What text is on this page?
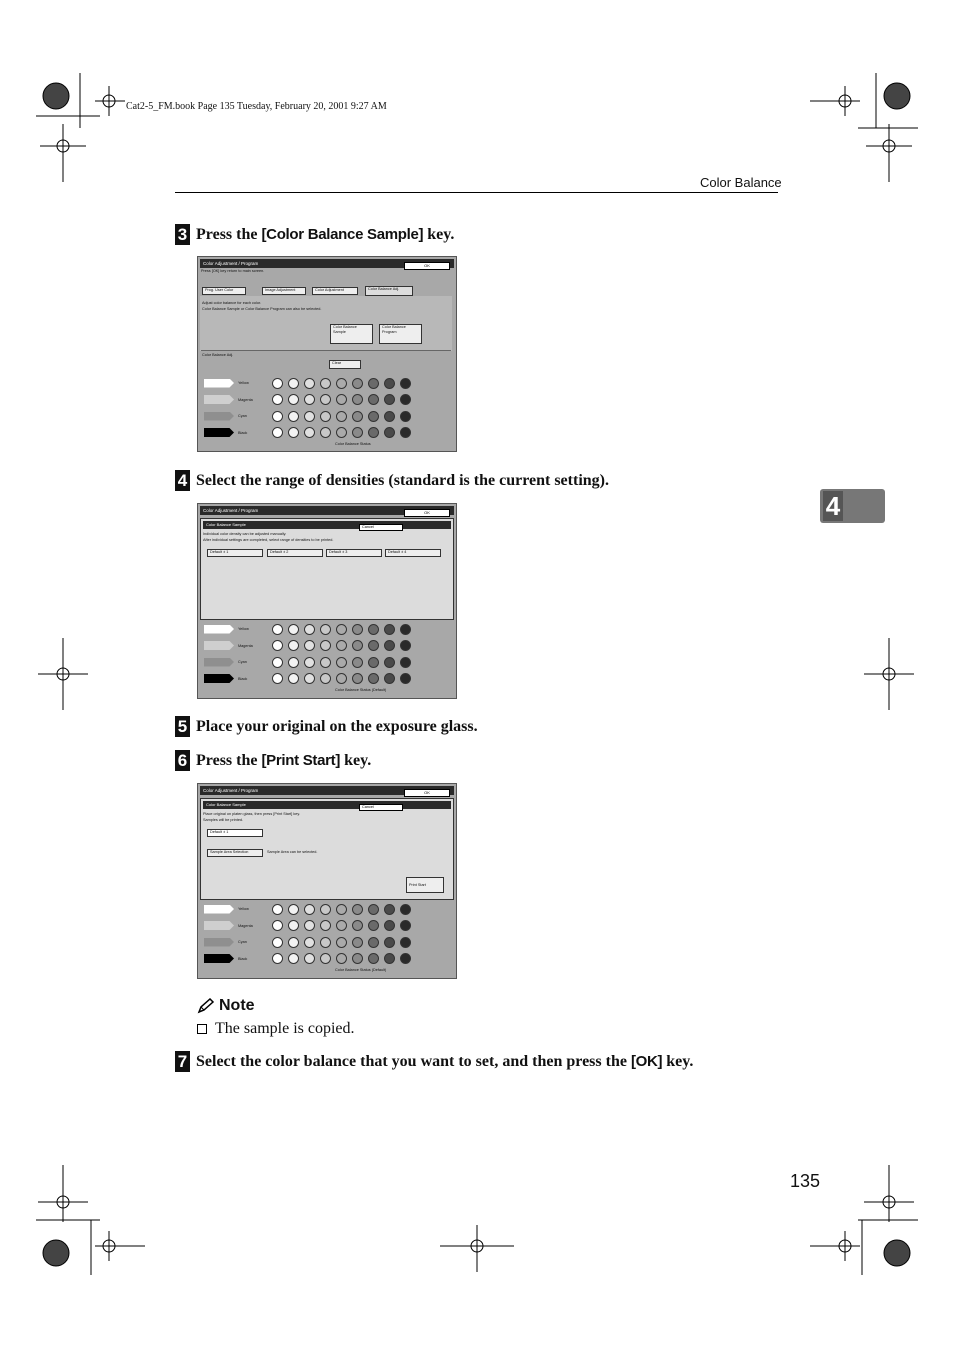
Cat2-5_FM.book Page 135 Tuesday, February 20, 2001 9:27 AM
Color Balance
4
3 Press the [Color Balance Sample] key.
Color Adjustment / Program	OK
Press [OK] key return to main screen.
Prog. User Color	Image Adjustment	Color Adjustment	Color Balance Adj.
Adjust color balance for each color.
Color Balance Sample or Color Balance Program can also be selected.
Color Balance
Sample
Color Balance
Program
Color Balance Adj.
Clear
Yellow
Magenta
Cyan
Black
Color Balance Status
4 Select the range of densities (standard is the current setting).
Color Adjustment / Program	OK
Color Balance Sample	Cancel
Individual color density can be adjusted manually.
After individual settings are completed, select range of densities to be printed.
Default ± 1	Default ± 2	Default ± 3	Default ± 4
Yellow
Magenta
Cyan
Black
Color Balance Status (Default)
5 Place your original on the exposure glass.
6 Press the [Print Start] key.
Color Adjustment / Program	OK
Color Balance Sample	Cancel
Place original on platen glass, then press [Print Start] key.
Samples will be printed.
Default ± 1
Sample Area Selection	Sample Area can be selected.
Print Start
Yellow
Magenta
Cyan
Black
Color Balance Status (Default)
Note
The sample is copied.
7 Select the color balance that you want to set, and then press the [OK] key.
135
